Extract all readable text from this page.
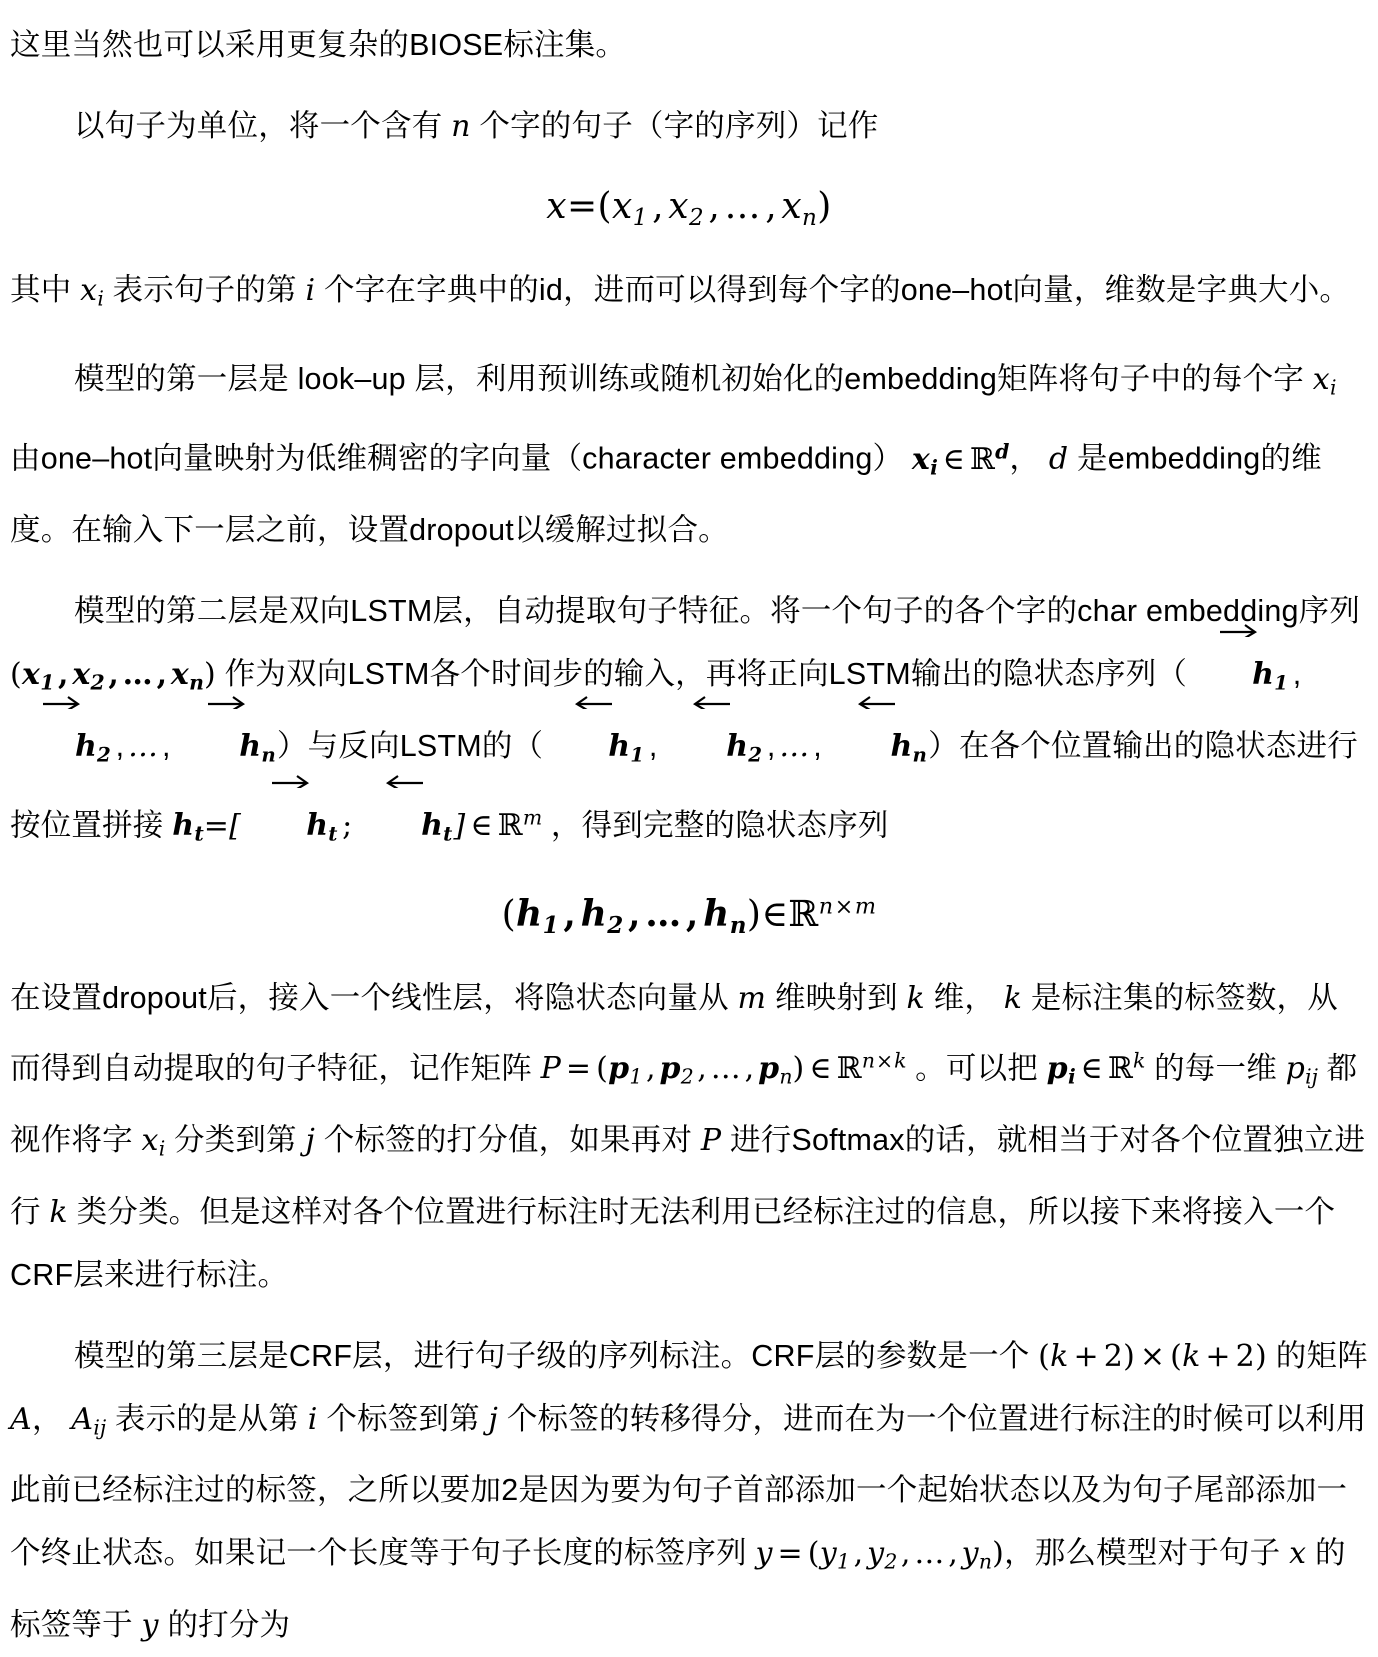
这里当然也可以采用更复杂的BIOSE标注集。

以句子为单位，将一个含有 n 个字的句子（字的序列）记作

$x=(x_1$ , $x_2$ , … , $x_n$)

其中 $x_i$ 表示句子的第 i 个字在字典中的id，进而可以得到每个字的one–hot向量，维数是字典大小。

模型的第一层是 look–up 层，利用预训练或随机初始化的embedding矩阵将句子中的每个字 $x_i$ 由one–hot向量映射为低维稠密的字向量（character embedding） $x_i$ ∈ ℝ$^d$， d 是embedding的维度。在输入下一层之前，设置dropout以缓解过拟合。

模型的第二层是双向LSTM层，自动提取句子特征。将一个句子的各个字的char embedding序列 ($x_1$ , $x_2$ , … , $x_n$) 作为双向LSTM各个时间步的输入，再将正向LSTM输出的隐状态序列（ $h_1$ ,
$h_2$ , … , $h_n$）与反向LSTM的（ $h_1$ , $h_2$ , … , $h_n$）在各个位置输出的隐状态进行按位置拼接 $h_t=$[ $h_t$ ; $h_t$] ∈ ℝ$^m$ ，得到完整的隐状态序列

($h_1$ , $h_2$ , … , $h_n)\in ℝ^{n\times m}$

在设置dropout后，接入一个线性层，将隐状态向量从 m 维映射到 k 维， k 是标注集的标签数，从而得到自动提取的句子特征，记作矩阵 $P = (p_1$ , $p_2$ , … , $p_n$) ∈ ℝ$^{n\times k}$ 。可以把 $p_i$ ∈ ℝ$^k$ 的每一维 $p_{ij}$ 都视作将字 $x_i$ 分类到第 j 个标签的打分值，如果再对 P 进行Softmax的话，就相当于对各个位置独立进行 k 类分类。但是这样对各个位置进行标注时无法利用已经标注过的信息，所以接下来将接入一个CRF层来进行标注。

模型的第三层是CRF层，进行句子级的序列标注。CRF层的参数是一个 (k + 2) × (k + 2) 的矩阵 A， $A_{ij}$ 表示的是从第 i 个标签到第 j 个标签的转移得分，进而在为一个位置进行标注的时候可以利用此前已经标注过的标签，之所以要加2是因为要为句子首部添加一个起始状态以及为句子尾部添加一个终止状态。如果记一个长度等于句子长度的标签序列 $y = (y_1$ , $y_2$ , … , $y_n$)，那么模型对于句子 x 的标签等于 y 的打分为
